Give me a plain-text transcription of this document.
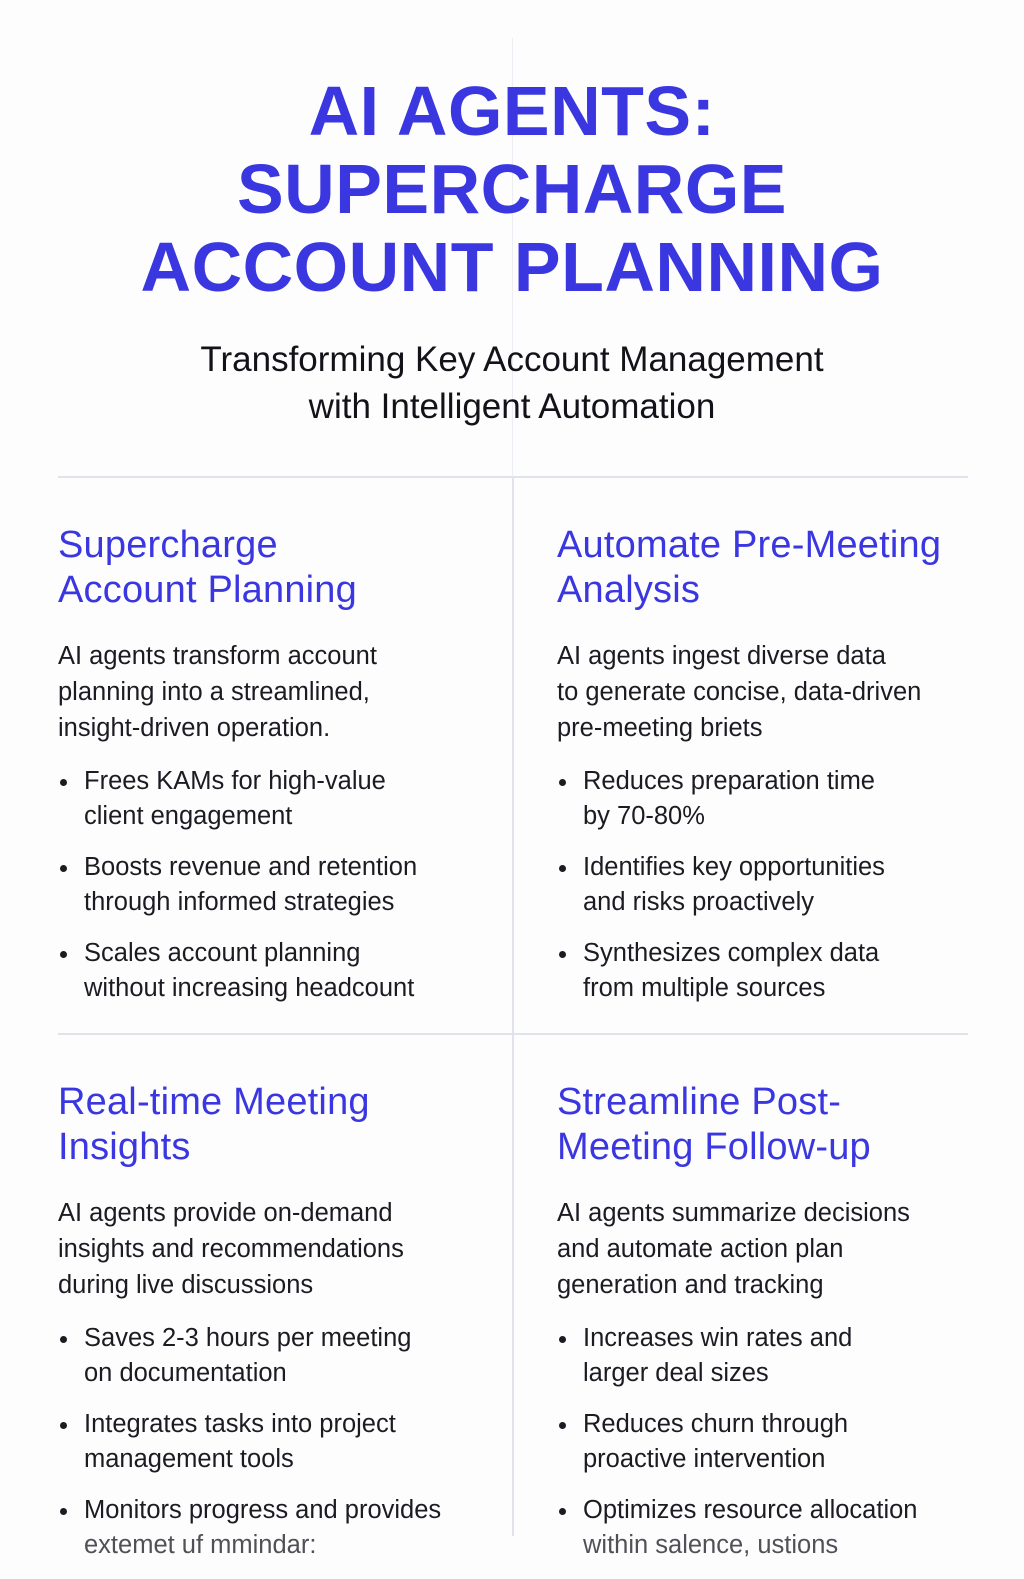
AI AGENTS:
SUPERCHARGE
ACCOUNT PLANNING

Transforming Key Account Management
with Intelligent Automation

Supercharge
Account Planning

AI agents transform account
planning into a streamlined,
insight-driven operation.

Frees KAMs for high-value
client engagement
Boosts revenue and retention
through informed strategies
Scales account planning
without increasing headcount
Automate Pre-Meeting
Analysis

AI agents ingest diverse data
to generate concise, data-driven
pre-meeting briets

Reduces preparation time
by 70-80%
Identifies key opportunities
and risks proactively
Synthesizes complex data
from multiple sources
Real-time Meeting
Insights

AI agents provide on-demand
insights and recommendations
during live discussions

Saves 2-3 hours per meeting
on documentation
Integrates tasks into project
management tools
Monitors progress and provides
extemet uf mmindar:
Streamline Post-
Meeting Follow-up

AI agents summarize decisions
and automate action plan
generation and tracking

Increases win rates and
larger deal sizes
Reduces churn through
proactive intervention
Optimizes resource allocation
within salence, ustions
